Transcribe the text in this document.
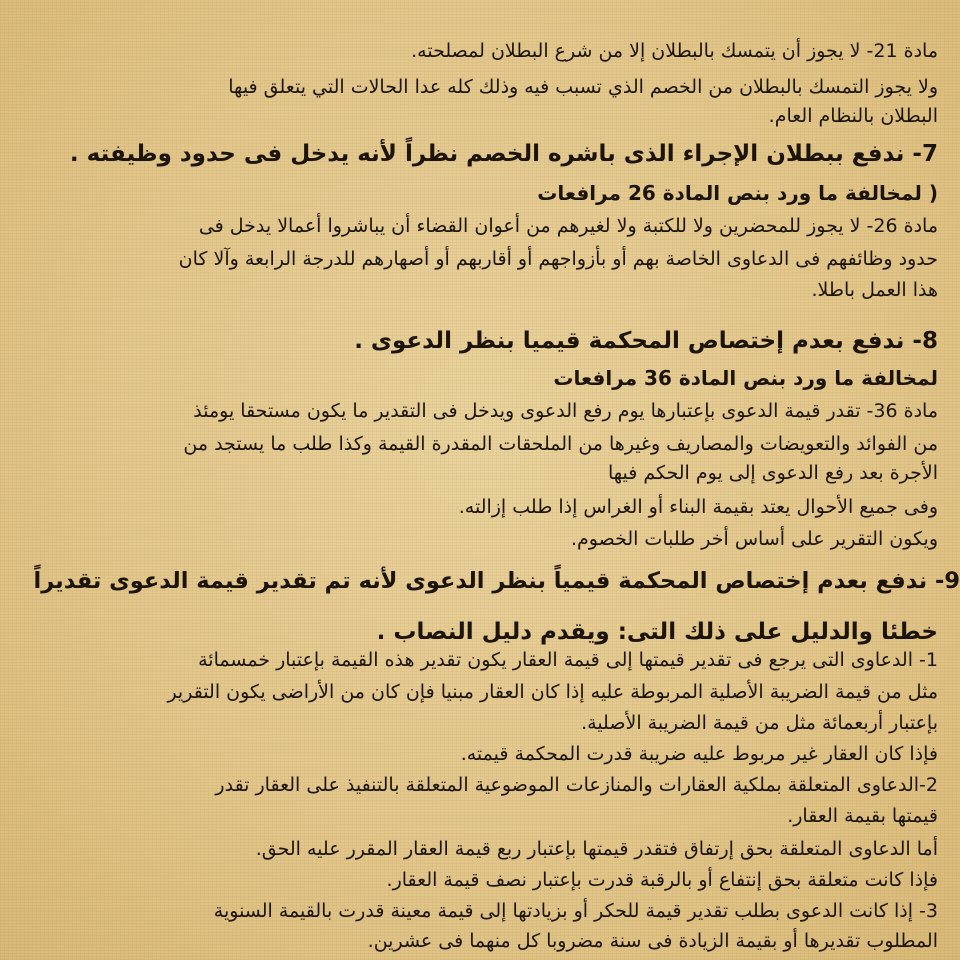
مادة 21- لا يجوز أن يتمسك بالبطلان إلا من شرع البطلان لمصلحته.
ولا يجوز التمسك بالبطلان من الخصم الذي تسبب فيه وذلك كله عدا الحالات التي يتعلق فيها
البطلان بالنظام العام.
7- ندفع ببطلان الإجراء الذى باشره الخصم نظراً لأنه يدخل فى حدود وظيفته .
( لمخالفة ما ورد بنص المادة 26 مرافعات
مادة 26- لا يجوز للمحضرين ولا للكتبة ولا لغيرهم من أعوان القضاء أن يباشروا أعمالا يدخل فى
حدود وظائفهم فى الدعاوى الخاصة بهم أو بأزواجهم أو أقاربهم أو أصهارهم للدرجة الرابعة وآلا كان
هذا العمل باطلا.
8- ندفع بعدم إختصاص المحكمة قيميا بنظر الدعوى .
لمخالفة ما ورد بنص المادة 36 مرافعات
مادة 36- تقدر قيمة الدعوى بإعتبارها يوم رفع الدعوى ويدخل فى التقدير ما يكون مستحقا يومئذ
من الفوائد والتعويضات والمصاريف وغيرها من الملحقات المقدرة القيمة وكذا طلب ما يستجد من
الأجرة بعد رفع الدعوى إلى يوم الحكم فيها
وفى جميع الأحوال يعتد بقيمة البناء أو الغراس إذا طلب إزالته.
ويكون التقرير على أساس أخر طلبات الخصوم.
9- ندفع بعدم إختصاص المحكمة قيمياً بنظر الدعوى لأنه تم تقدير قيمة الدعوى تقديراً
خطئا والدليل على ذلك التى: ويقدم دليل النصاب .
1- الدعاوى التى يرجع فى تقدير قيمتها إلى قيمة العقار يكون تقدير هذه القيمة بإعتبار خمسمائة
مثل من قيمة الضريبة الأصلية المربوطة عليه إذا كان العقار مبنيا فإن كان من الأراضى يكون التقرير
بإعتبار أربعمائة مثل من قيمة الضريبة الأصلية.
فإذا كان العقار غير مربوط عليه ضريبة قدرت المحكمة قيمته.
2-الدعاوى المتعلقة بملكية العقارات والمنازعات الموضوعية المتعلقة بالتنفيذ على العقار تقدر
قيمتها بقيمة العقار.
أما الدعاوى المتعلقة بحق إرتفاق فتقدر قيمتها بإعتبار ربع قيمة العقار المقرر عليه الحق.
فإذا كانت متعلقة بحق إنتفاع أو بالرقبة قدرت بإعتبار نصف قيمة العقار.
3- إذا كانت الدعوى بطلب تقدير قيمة للحكر أو بزيادتها إلى قيمة معينة قدرت بالقيمة السنوية
المطلوب تقديرها أو بقيمة الزيادة فى سنة مضروبا كل منهما فى عشرين.
